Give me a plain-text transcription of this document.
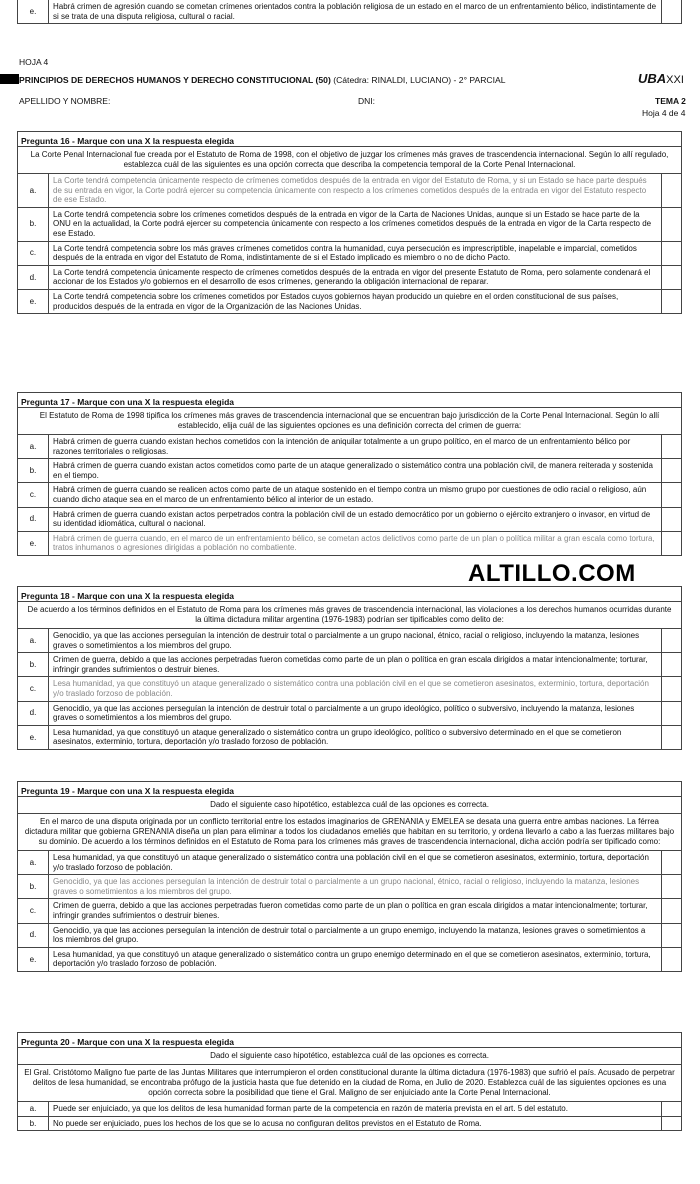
e.
Habrá crimen de agresión cuando se cometan crímenes orientados contra la población religiosa de un estado en el marco de un enfrentamiento bélico, indistintamente de si se trata de una disputa religiosa, cultural o racial.
HOJA 4
PRINCIPIOS DE DERECHOS HUMANOS Y DERECHO CONSTITUCIONAL (50) (Cátedra: RINALDI, LUCIANO) - 2° PARCIAL	UBAXXI
APELLIDO Y NOMBRE:	DNI:	TEMA 2
Hoja 4 de 4
Pregunta 16 - Marque con una X la respuesta elegida
La Corte Penal Internacional fue creada por el Estatuto de Roma de 1998, con el objetivo de juzgar los crímenes más graves de trascendencia internacional. Según lo allí regulado, establezca cuál de las siguientes es una opción correcta que describa la competencia temporal de la Corte Penal Internacional.
a.
La Corte tendrá competencia únicamente respecto de crímenes cometidos después de la entrada en vigor del Estatuto de Roma, y si un Estado se hace parte después de su entrada en vigor, la Corte podrá ejercer su competencia únicamente con respecto a los crímenes cometidos después de la entrada en vigor del Estatuto respecto de ese Estado.
b.
La Corte tendrá competencia sobre los crímenes cometidos después de la entrada en vigor de la Carta de Naciones Unidas, aunque si un Estado se hace parte de la ONU en la actualidad, la Corte podrá ejercer su competencia únicamente con respecto a los crímenes cometidos después de la entrada en vigor de la Carta respecto de ese Estado.
c.
La Corte tendrá competencia sobre los más graves crímenes cometidos contra la humanidad, cuya persecución es imprescriptible, inapelable e imparcial, cometidos después de la entrada en vigor del Estatuto de Roma, indistintamente de si el Estado implicado es miembro o no de dicho Pacto.
d.
La Corte tendrá competencia únicamente respecto de crímenes cometidos después de la entrada en vigor del presente Estatuto de Roma, pero solamente condenará el accionar de los Estados y/o gobiernos en el desarrollo de esos crímenes, generando la obligación internacional de reparar.
e.
La Corte tendrá competencia sobre los crímenes cometidos por Estados cuyos gobiernos hayan producido un quiebre en el orden constitucional de sus países, producidos después de la entrada en vigor de la Organización de las Naciones Unidas.
Pregunta 17 - Marque con una X la respuesta elegida
El Estatuto de Roma de 1998 tipifica los crímenes más graves de trascendencia internacional que se encuentran bajo jurisdicción de la Corte Penal Internacional. Según lo allí establecido, elija cuál de las siguientes opciones es una definición correcta del crimen de guerra:
a.
Habrá crimen de guerra cuando existan hechos cometidos con la intención de aniquilar totalmente a un grupo político, en el marco de un enfrentamiento bélico por razones territoriales o religiosas.
b.
Habrá crimen de guerra cuando existan actos cometidos como parte de un ataque generalizado o sistemático contra una población civil, de manera reiterada y sostenida en el tiempo.
c.
Habrá crimen de guerra cuando se realicen actos como parte de un ataque sostenido en el tiempo contra un mismo grupo por cuestiones de odio racial o religioso, aún cuando dicho ataque sea en el marco de un enfrentamiento bélico al interior de un estado.
d.
Habrá crimen de guerra cuando existan actos perpetrados contra la población civil de un estado democrático por un gobierno o ejército extranjero o invasor, en virtud de su identidad idiomática, cultural o nacional.
e.
Habrá crimen de guerra cuando, en el marco de un enfrentamiento bélico, se cometan actos delictivos como parte de un plan o política militar a gran escala como tortura, tratos inhumanos o agresiones dirigidas a población no combatiente.
Pregunta 18 - Marque con una X la respuesta elegida
De acuerdo a los términos definidos en el Estatuto de Roma para los crímenes más graves de trascendencia internacional, las violaciones a los derechos humanos ocurridas durante la última dictadura militar argentina (1976-1983) podrían ser tipificables como delito de:
a.
Genocidio, ya que las acciones perseguían la intención de destruir total o parcialmente a un grupo nacional, étnico, racial o religioso, incluyendo la matanza, lesiones graves o sometimientos a los miembros del grupo.
b.
Crimen de guerra, debido a que las acciones perpetradas fueron cometidas como parte de un plan o política en gran escala dirigidos a matar intencionalmente; torturar, infringir grandes sufrimientos o destruir bienes.
c.
Lesa humanidad, ya que constituyó un ataque generalizado o sistemático contra una población civil en el que se cometieron asesinatos, exterminio, tortura, deportación y/o traslado forzoso de población.
d.
Genocidio, ya que las acciones perseguían la intención de destruir total o parcialmente a un grupo ideológico, político o subversivo, incluyendo la matanza, lesiones graves o sometimientos a los miembros del grupo.
e.
Lesa humanidad, ya que constituyó un ataque generalizado o sistemático contra un grupo ideológico, político o subversivo determinado en el que se cometieron asesinatos, exterminio, tortura, deportación y/o traslado forzoso de población.
Pregunta 19 - Marque con una X la respuesta elegida
Dado el siguiente caso hipotético, establezca cuál de las opciones es correcta.
En el marco de una disputa originada por un conflicto territorial entre los estados imaginarios de GRENANIA y EMELEA se desata una guerra entre ambas naciones. La férrea dictadura militar que gobierna GRENANIA diseña un plan para eliminar a todos los ciudadanos emeliés que habitan en su territorio, y ordena llevarlo a cabo a las fuerzas militares bajo su dominio. De acuerdo a los términos definidos en el Estatuto de Roma para los crímenes más graves de trascendencia internacional, dicha acción podría ser tipificado como:
a.
Lesa humanidad, ya que constituyó un ataque generalizado o sistemático contra una población civil en el que se cometieron asesinatos, exterminio, tortura, deportación y/o traslado forzoso de población.
b.
Genocidio, ya que las acciones perseguían la intención de destruir total o parcialmente a un grupo nacional, étnico, racial o religioso, incluyendo la matanza, lesiones graves o sometimientos a los miembros del grupo.
c.
Crimen de guerra, debido a que las acciones perpetradas fueron cometidas como parte de un plan o política en gran escala dirigidos a matar intencionalmente; torturar, infringir grandes sufrimientos o destruir bienes.
d.
Genocidio, ya que las acciones perseguían la intención de destruir total o parcialmente a un grupo enemigo, incluyendo la matanza, lesiones graves o sometimientos a los miembros del grupo.
e.
Lesa humanidad, ya que constituyó un ataque generalizado o sistemático contra un grupo enemigo determinado en el que se cometieron asesinatos, exterminio, tortura, deportación y/o traslado forzoso de población.
Pregunta 20 - Marque con una X la respuesta elegida
Dado el siguiente caso hipotético, establezca cuál de las opciones es correcta.
El Gral. Cristótomo Maligno fue parte de las Juntas Militares que interrumpieron el orden constitucional durante la última dictadura (1976-1983) que sufrió el país. Acusado de perpetrar delitos de lesa humanidad, se encontraba prófugo de la justicia hasta que fue detenido en la ciudad de Roma, en Julio de 2020. Establezca cuál de las siguientes opciones es una opción correcta sobre la posibilidad que tiene el Gral. Maligno de ser enjuiciado ante la Corte Penal Internacional.
a.	Puede ser enjuiciado, ya que los delitos de lesa humanidad forman parte de la competencia en razón de materia prevista en el art. 5 del estatuto.
b.	No puede ser enjuiciado, pues los hechos de los que se lo acusa no configuran delitos previstos en el Estatuto de Roma.
ALTILLO.COM
